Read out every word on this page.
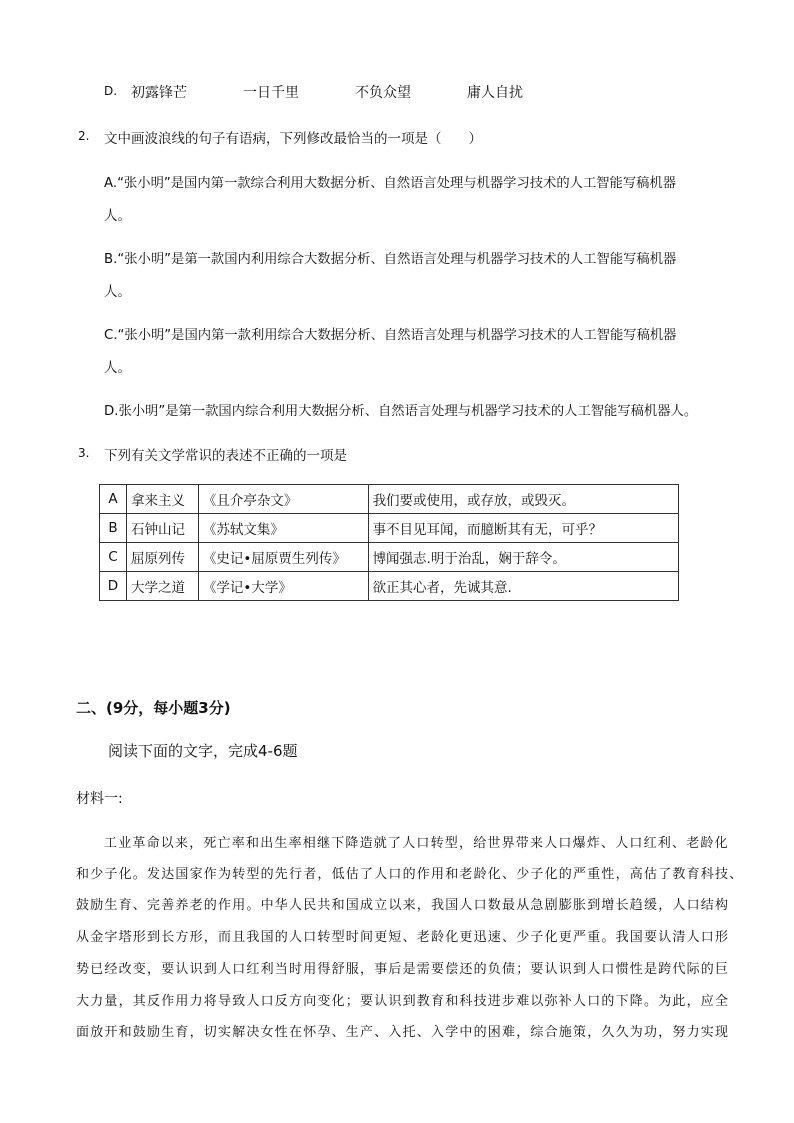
D. 初露锋芒	一日千里	不负众望	庸人自扰
2. 文中画波浪线的句子有语病，下列修改最恰当的一项是（　　）
A.“张小明”是国内第一款综合利用大数据分析、自然语言处理与机器学习技术的人工智能写稿机器
人。
B.“张小明”是第一款国内利用综合大数据分析、自然语言处理与机器学习技术的人工智能写稿机器
人。
C.“张小明”是国内第一款利用综合大数据分析、自然语言处理与机器学习技术的人工智能写稿机器
人。
D.张小明”是第一款国内综合利用大数据分析、自然语言处理与机器学习技术的人工智能写稿机器人。
3. 下列有关文学常识的表述不正确的一项是
A	拿来主义	《且介亭杂文》	我们要或使用，或存放，或毁灭。
B	石钟山记	《苏轼文集》	事不目见耳闻，而臆断其有无，可乎？
C	屈原列传	《史记•屈原贾生列传》	博闻强志.明于治乱，娴于辞令。
D	大学之道	《学记•大学》	欲正其心者，先诚其意.
二、(9分，每小题3分)
阅读下面的文字，完成4-6题
材料一:
工业革命以来，死亡率和出生率相继下降造就了人口转型，给世界带来人口爆炸、人口红利、老龄化
和少子化。发达国家作为转型的先行者，低估了人口的作用和老龄化、少子化的严重性，高估了教育科技、
鼓励生育、完善养老的作用。中华人民共和国成立以来，我国人口数最从急剧膨胀到增长趋缓，人口结构
从金字塔形到长方形，而且我国的人口转型时间更短、老龄化更迅速、少子化更严重。我国要认清人口形
势已经改变，要认识到人口红利当时用得舒服，事后是需要偿还的负债；要认识到人口惯性是跨代际的巨
大力量，其反作用力将导致人口反方向变化；要认识到教育和科技进步难以弥补人口的下降。为此，应全
面放开和鼓励生育，切实解决女性在怀孕、生产、入托、入学中的困难，综合施策，久久为功，努力实现
